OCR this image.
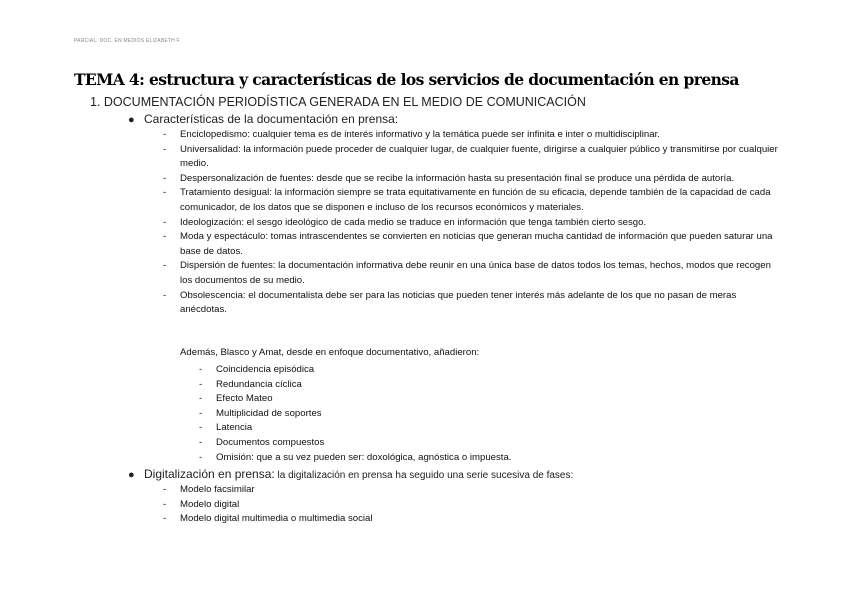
PARCIAL. DOC. EN MEDIOS ELIZABETH F.
TEMA 4: estructura y características de los servicios de documentación en prensa
1. DOCUMENTACIÓN PERIODÍSTICA GENERADA EN EL MEDIO DE COMUNICACIÓN
● Características de la documentación en prensa:
- Enciclopedismo: cualquier tema es de interés informativo y la temática puede ser infinita e inter o multidisciplinar.
- Universalidad: la información puede proceder de cualquier lugar, de cualquier fuente, dirigirse a cualquier público y transmitirse por cualquier medio.
- Despersonalización de fuentes: desde que se recibe la información hasta su presentación final se produce una pérdida de autoría.
- Tratamiento desigual: la información siempre se trata equitativamente en función de su eficacia, depende también de la capacidad de cada comunicador, de los datos que se disponen e incluso de los recursos económicos y materiales.
- Ideologización: el sesgo ideológico de cada medio se traduce en información que tenga también cierto sesgo.
- Moda y espectáculo: tomas intrascendentes se convierten en noticias que generan mucha cantidad de información que pueden saturar una base de datos.
- Dispersión de fuentes: la documentación informativa debe reunir en una única base de datos todos los temas, hechos, modos que recogen los documentos de su medio.
- Obsolescencia: el documentalista debe ser para las noticias que pueden tener interés más adelante de los que no pasan de meras anécdotas.
Además, Blasco y Amat, desde en enfoque documentativo, añadieron:
- Coincidencia episódica
- Redundancia cíclica
- Efecto Mateo
- Multiplicidad de soportes
- Latencia
- Documentos compuestos
- Omisión: que a su vez pueden ser: doxológica, agnóstica o impuesta.
● Digitalización en prensa: la digitalización en prensa ha seguido una serie sucesiva de fases:
- Modelo facsimilar
- Modelo digital
- Modelo digital multimedia o multimedia social
